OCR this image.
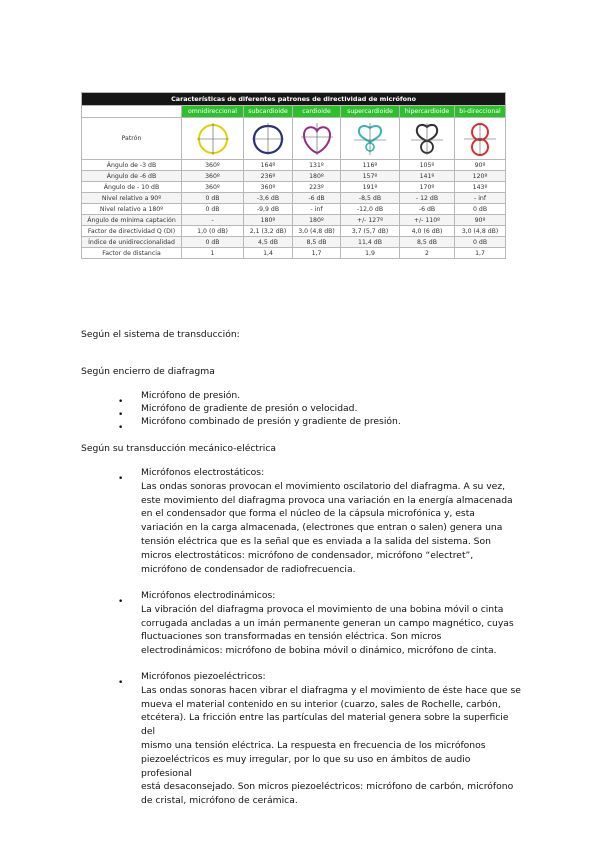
Características de diferentes patrones de directividad de micrófono						
	omnidireccional	subcardioide	cardioide	supercardioide	hipercardioide	bi-direccional
Patrón	

Ángulo de -3 dB	360º	164º	131º	116º	105º	90º
Ángulo de -6 dB	360º	236º	180º	157º	141º	120º
Ángulo de - 10 dB	360º	360º	223º	191º	170º	143º
Nivel relativo a 90º	0 dB	-3,6 dB	-6 dB	-8,5 dB	- 12 dB	- inf
Nivel relativo a 180º	0 dB	-9,9 dB	- inf	-12,0 dB	-6 dB	0 dB
Ángulo de mínima captación	-	180º	180º	+/- 127º	+/- 110º	90º
Factor de directividad Q (DI)	1,0 (0 dB)	2,1 (3,2 dB)	3,0 (4,8 dB)	3,7 (5,7 dB)	4,0 (6 dB)	3,0 (4,8 dB)
Índice de unidireccionalidad	0 dB	4,5 dB	8,5 dB	11,4 dB	8,5 dB	0 dB
Factor de distancia	1	1,4	1,7	1,9	2	1,7
Según el sistema de transducción:
Según encierro de diafragma
•
Micrófono de presión.
•
Micrófono de gradiente de presión o velocidad.
•
Micrófono combinado de presión y gradiente de presión.
Según su transducción mecánico-eléctrica
•
Micrófonos electrostáticos:
Las ondas sonoras provocan el movimiento oscilatorio del diafragma. A su vez,
este movimiento del diafragma provoca una variación en la energía almacenada
en el condensador que forma el núcleo de la cápsula microfónica y, esta
variación en la carga almacenada, (electrones que entran o salen) genera una
tensión eléctrica que es la señal que es enviada a la salida del sistema. Son
micros electrostáticos: micrófono de condensador, micrófono “electret”,
micrófono de condensador de radiofrecuencia.
•
Micrófonos electrodinámicos:
La vibración del diafragma provoca el movimiento de una bobina móvil o cinta
corrugada ancladas a un imán permanente generan un campo magnético, cuyas
fluctuaciones son transformadas en tensión eléctrica. Son micros
electrodinámicos: micrófono de bobina móvil o dinámico, micrófono de cinta.
•
Micrófonos piezoeléctricos:
Las ondas sonoras hacen vibrar el diafragma y el movimiento de éste hace que se
mueva el material contenido en su interior (cuarzo, sales de Rochelle, carbón,
etcétera). La fricción entre las partículas del material genera sobre la superficie del
mismo una tensión eléctrica. La respuesta en frecuencia de los micrófonos
piezoeléctricos es muy irregular, por lo que su uso en ámbitos de audio profesional
está desaconsejado. Son micros piezoeléctricos: micrófono de carbón, micrófono
de cristal, micrófono de cerámica.
